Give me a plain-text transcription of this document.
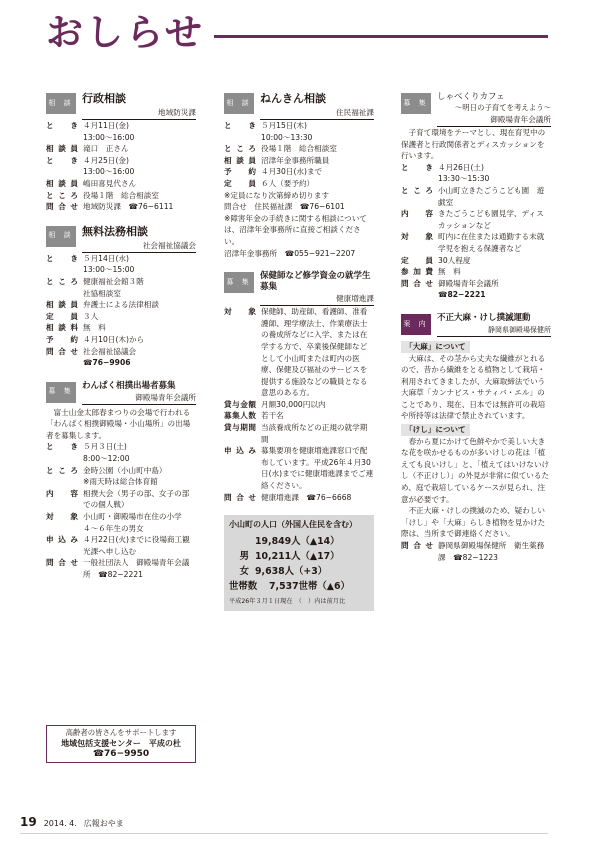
おしらせ
相 談 行政相談
地域防災課
と　き ４月11日(金)
13:00〜16:00
相談員 滝口　正さん
と　き ４月25日(金)
13:00〜16:00
相談員 嶋田喜見代さん
ところ 役場１階　総合相談室
問合せ 地域防災課　☎76−6111
相 談 無料法務相談
社会福祉協議会
と　き ５月14日(水)
13:00〜15:00
ところ 健康福祉会館３階
社協相談室
相談員 弁護士による法律相談
定　員 ３人
相談料 無　料
予　約 ４月10日(木)から
問合せ 社会福祉協議会
☎76−9906
募 集
わんぱく相撲出場者募集
御殿場青年会議所
富士山金太郎春まつりの会場で行われる「わんぱく相撲御殿場・小山場所」の出場者を募集します。
と　き ５月３日(土)
8:00〜12:00
ところ 金時公園（小山町中島）
※雨天時は総合体育館
内　容 相撲大会（男子の部、女子の部での個人戦）
対　象 小山町・御殿場市在住の小学４〜６年生の男女
申込み ４月22日(火)までに役場商工観光課へ申し込む
問合せ 一般社団法人　御殿場青年会議所　☎82−2221
高齢者の皆さんをサポートします
地域包括支援センター　平成の杜
☎76−9950
相 談 ねんきん相談
住民福祉課
と　き ５月15日(木)
10:00〜13:30
ところ 役場１階　総合相談室
相談員 沼津年金事務所職員
予　約 ４月30日(水)まで
定　員 ６人（要予約）
※定員になり次第締め切ります
問合せ　住民福祉課　☎76−6101
※障害年金の手続きに関する相談については、沼津年金事務所に直接ご相談ください。
沼津年金事務所　☎055−921−2207
募 集
保健師など修学資金の就学生募集
健康増進課
対　象 保健師、助産師、看護師、准看護師、理学療法士、作業療法士の養成所などに入学、または在学する方で、卒業後保健師などとして小山町または町内の医療、保健及び福祉のサービスを提供する施設などの職員となる意思のある方。
貸与金額 月額30,000円以内
募集人数 若干名
貸与期間 当該養成所などの正規の就学期間
申込み 募集要項を健康増進課窓口で配布しています。平成26年４月30日(水)までに健康増進課までご連絡ください。
問合せ 健康増進課　☎76−6668
小山町の人口（外国人住民を含む）
19,849人（▲14）
男 10,211人（▲17）
女 9,638人（+3）
世帯数	7,537世帯（▲6）
平成26年３月１日現在　（　）内は前月比
募 集
しゃべくりカフェ
〜明日の子育てを考えよう〜
御殿場青年会議所
子育て環境をテーマとし、現在育児中の保護者と行政関係者とディスカッションを行います。
と　き ４月26日(土)
13:30〜15:30
ところ 小山町立きたごうこども園　遊戯室
内　容 きたごうこども園見学、ディスカッションなど
対　象 町内に在住または通勤する未就学児を抱える保護者など
定　員 30人程度
参加費 無　料
問合せ 御殿場青年会議所
☎82−2221
案 内
不正大麻・けし撲滅運動
静岡県御殿場保健所
「大麻」について
大麻は、その茎から丈夫な繊維がとれるので、昔から繊維をとる植物として栽培・利用されてきましたが、大麻取締法でいう大麻草「カンナビス・サティバ・エル」のことであり、現在、日本では無許可の栽培や所持等は法律で禁止されています。
「けし」について
春から夏にかけて色鮮やかで美しい大きな花を咲かせるものが多いけしの花は「植えても良いけし」と、「植えてはいけないけし（不正けし）」の外見が非常に似ているため、庭で栽培しているケースが見られ、注意が必要です。
不正大麻・けしの撲滅のため、疑わしい「けし」や「大麻」らしき植物を見かけた際は、当所まで御連絡ください。
問合せ 静岡県御殿場保健所　衛生薬務課　☎82−1223
19 2014. 4. 広報おやま
